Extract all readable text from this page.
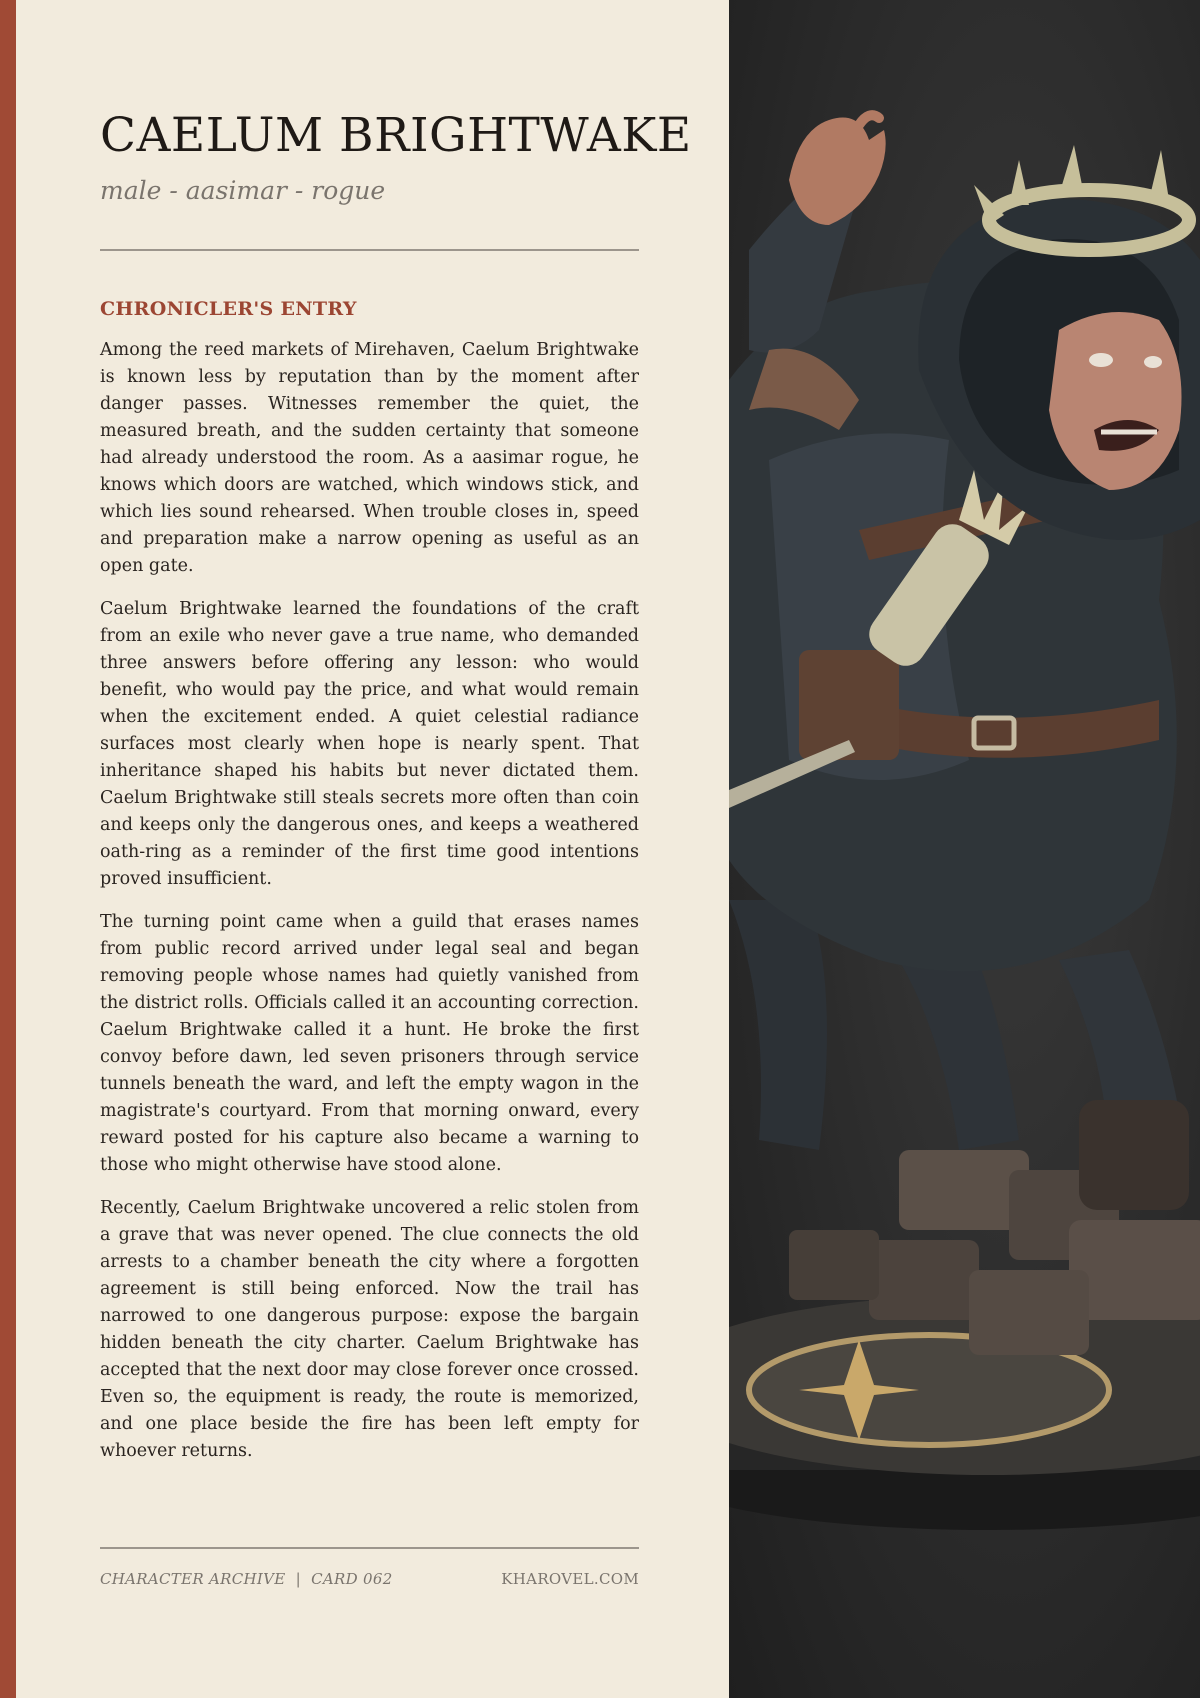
CAELUM BRIGHTWAKE
male - aasimar - rogue
CHRONICLER'S ENTRY

Among the reed markets of Mirehaven, Caelum Brightwake is known less by reputation than by the moment after danger passes. Witnesses remember the quiet, the measured breath, and the sudden certainty that someone had already understood the room. As a aasimar rogue, he knows which doors are watched, which windows stick, and which lies sound rehearsed. When trouble closes in, speed and preparation make a narrow opening as useful as an open gate.

Caelum Brightwake learned the foundations of the craft from an exile who never gave a true name, who demanded three answers before offering any lesson: who would benefit, who would pay the price, and what would remain when the excitement ended. A quiet celestial radiance surfaces most clearly when hope is nearly spent. That inheritance shaped his habits but never dictated them. Caelum Brightwake still steals secrets more often than coin and keeps only the dangerous ones, and keeps a weathered oath-ring as a reminder of the first time good intentions proved insufficient.

The turning point came when a guild that erases names from public record arrived under legal seal and began removing people whose names had quietly vanished from the district rolls. Officials called it an accounting correction. Caelum Brightwake called it a hunt. He broke the first convoy before dawn, led seven prisoners through service tunnels beneath the ward, and left the empty wagon in the magistrate's courtyard. From that morning onward, every reward posted for his capture also became a warning to those who might otherwise have stood alone.

Recently, Caelum Brightwake uncovered a relic stolen from a grave that was never opened. The clue connects the old arrests to a chamber beneath the city where a forgotten agreement is still being enforced. Now the trail has narrowed to one dangerous purpose: expose the bargain hidden beneath the city charter. Caelum Brightwake has accepted that the next door may close forever once crossed. Even so, the equipment is ready, the route is memorized, and one place beside the fire has been left empty for whoever returns.

CHARACTER ARCHIVE  |  CARD 062	KHAROVEL.COM
